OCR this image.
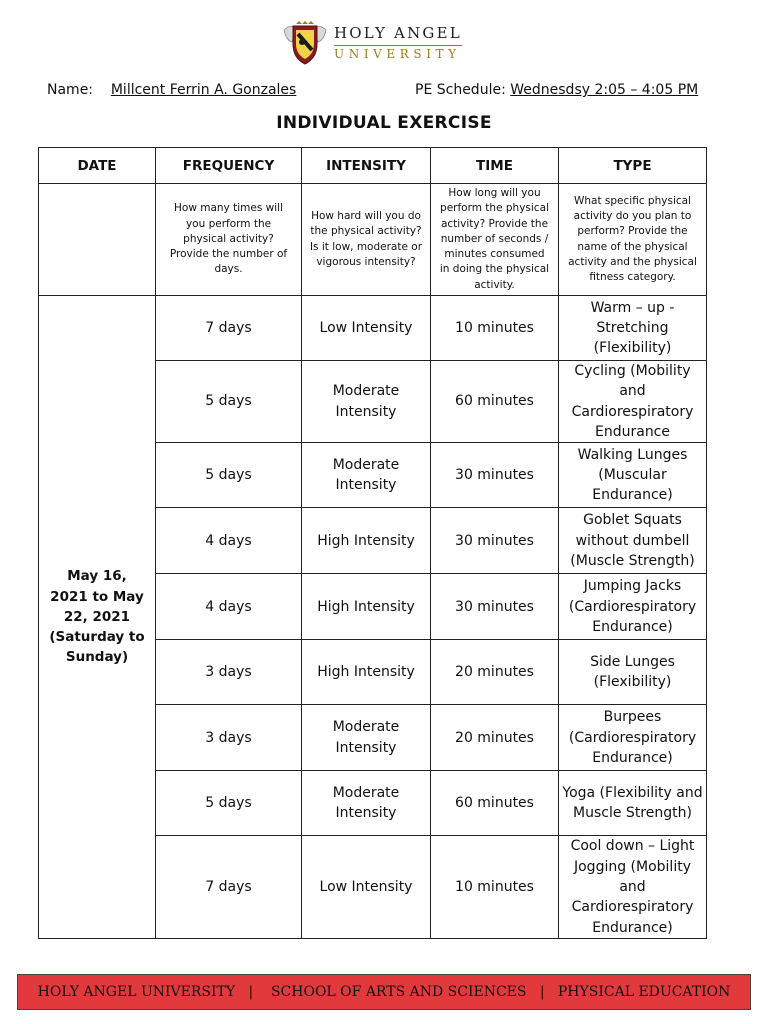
HOLY ANGEL
UNIVERSITY
Name: Millcent Ferrin A. Gonzales	PE Schedule: Wednesdsy 2:05 – 4:05 PM
INDIVIDUAL EXERCISE
DATE	FREQUENCY	INTENSITY	TIME	TYPE
	How many times will you perform the physical activity? Provide the number of days.	How hard will you do the physical activity? Is it low, moderate or vigorous intensity?	How long will you perform the physical activity? Provide the number of seconds / minutes consumed in doing the physical activity.	What specific physical activity do you plan to perform? Provide the name of the physical activity and the physical fitness category.
May 16, 2021 to May 22, 2021 (Saturday to Sunday)	7 days	Low Intensity	10 minutes	Warm – up - Stretching (Flexibility)
	5 days	Moderate Intensity	60 minutes	Cycling (Mobility and Cardiorespiratory Endurance
	5 days	Moderate Intensity	30 minutes	Walking Lunges (Muscular Endurance)
	4 days	High Intensity	30 minutes	Goblet Squats without dumbell (Muscle Strength)
	4 days	High Intensity	30 minutes	Jumping Jacks (Cardiorespiratory Endurance)
	3 days	High Intensity	20 minutes	Side Lunges (Flexibility)
	3 days	Moderate Intensity	20 minutes	Burpees (Cardiorespiratory Endurance)
	5 days	Moderate Intensity	60 minutes	Yoga (Flexibility and Muscle Strength)
	7 days	Low Intensity	10 minutes	Cool down – Light Jogging (Mobility and Cardiorespiratory Endurance)
HOLY ANGEL UNIVERSITY   |    SCHOOL OF ARTS AND SCIENCES   |   PHYSICAL EDUCATION
